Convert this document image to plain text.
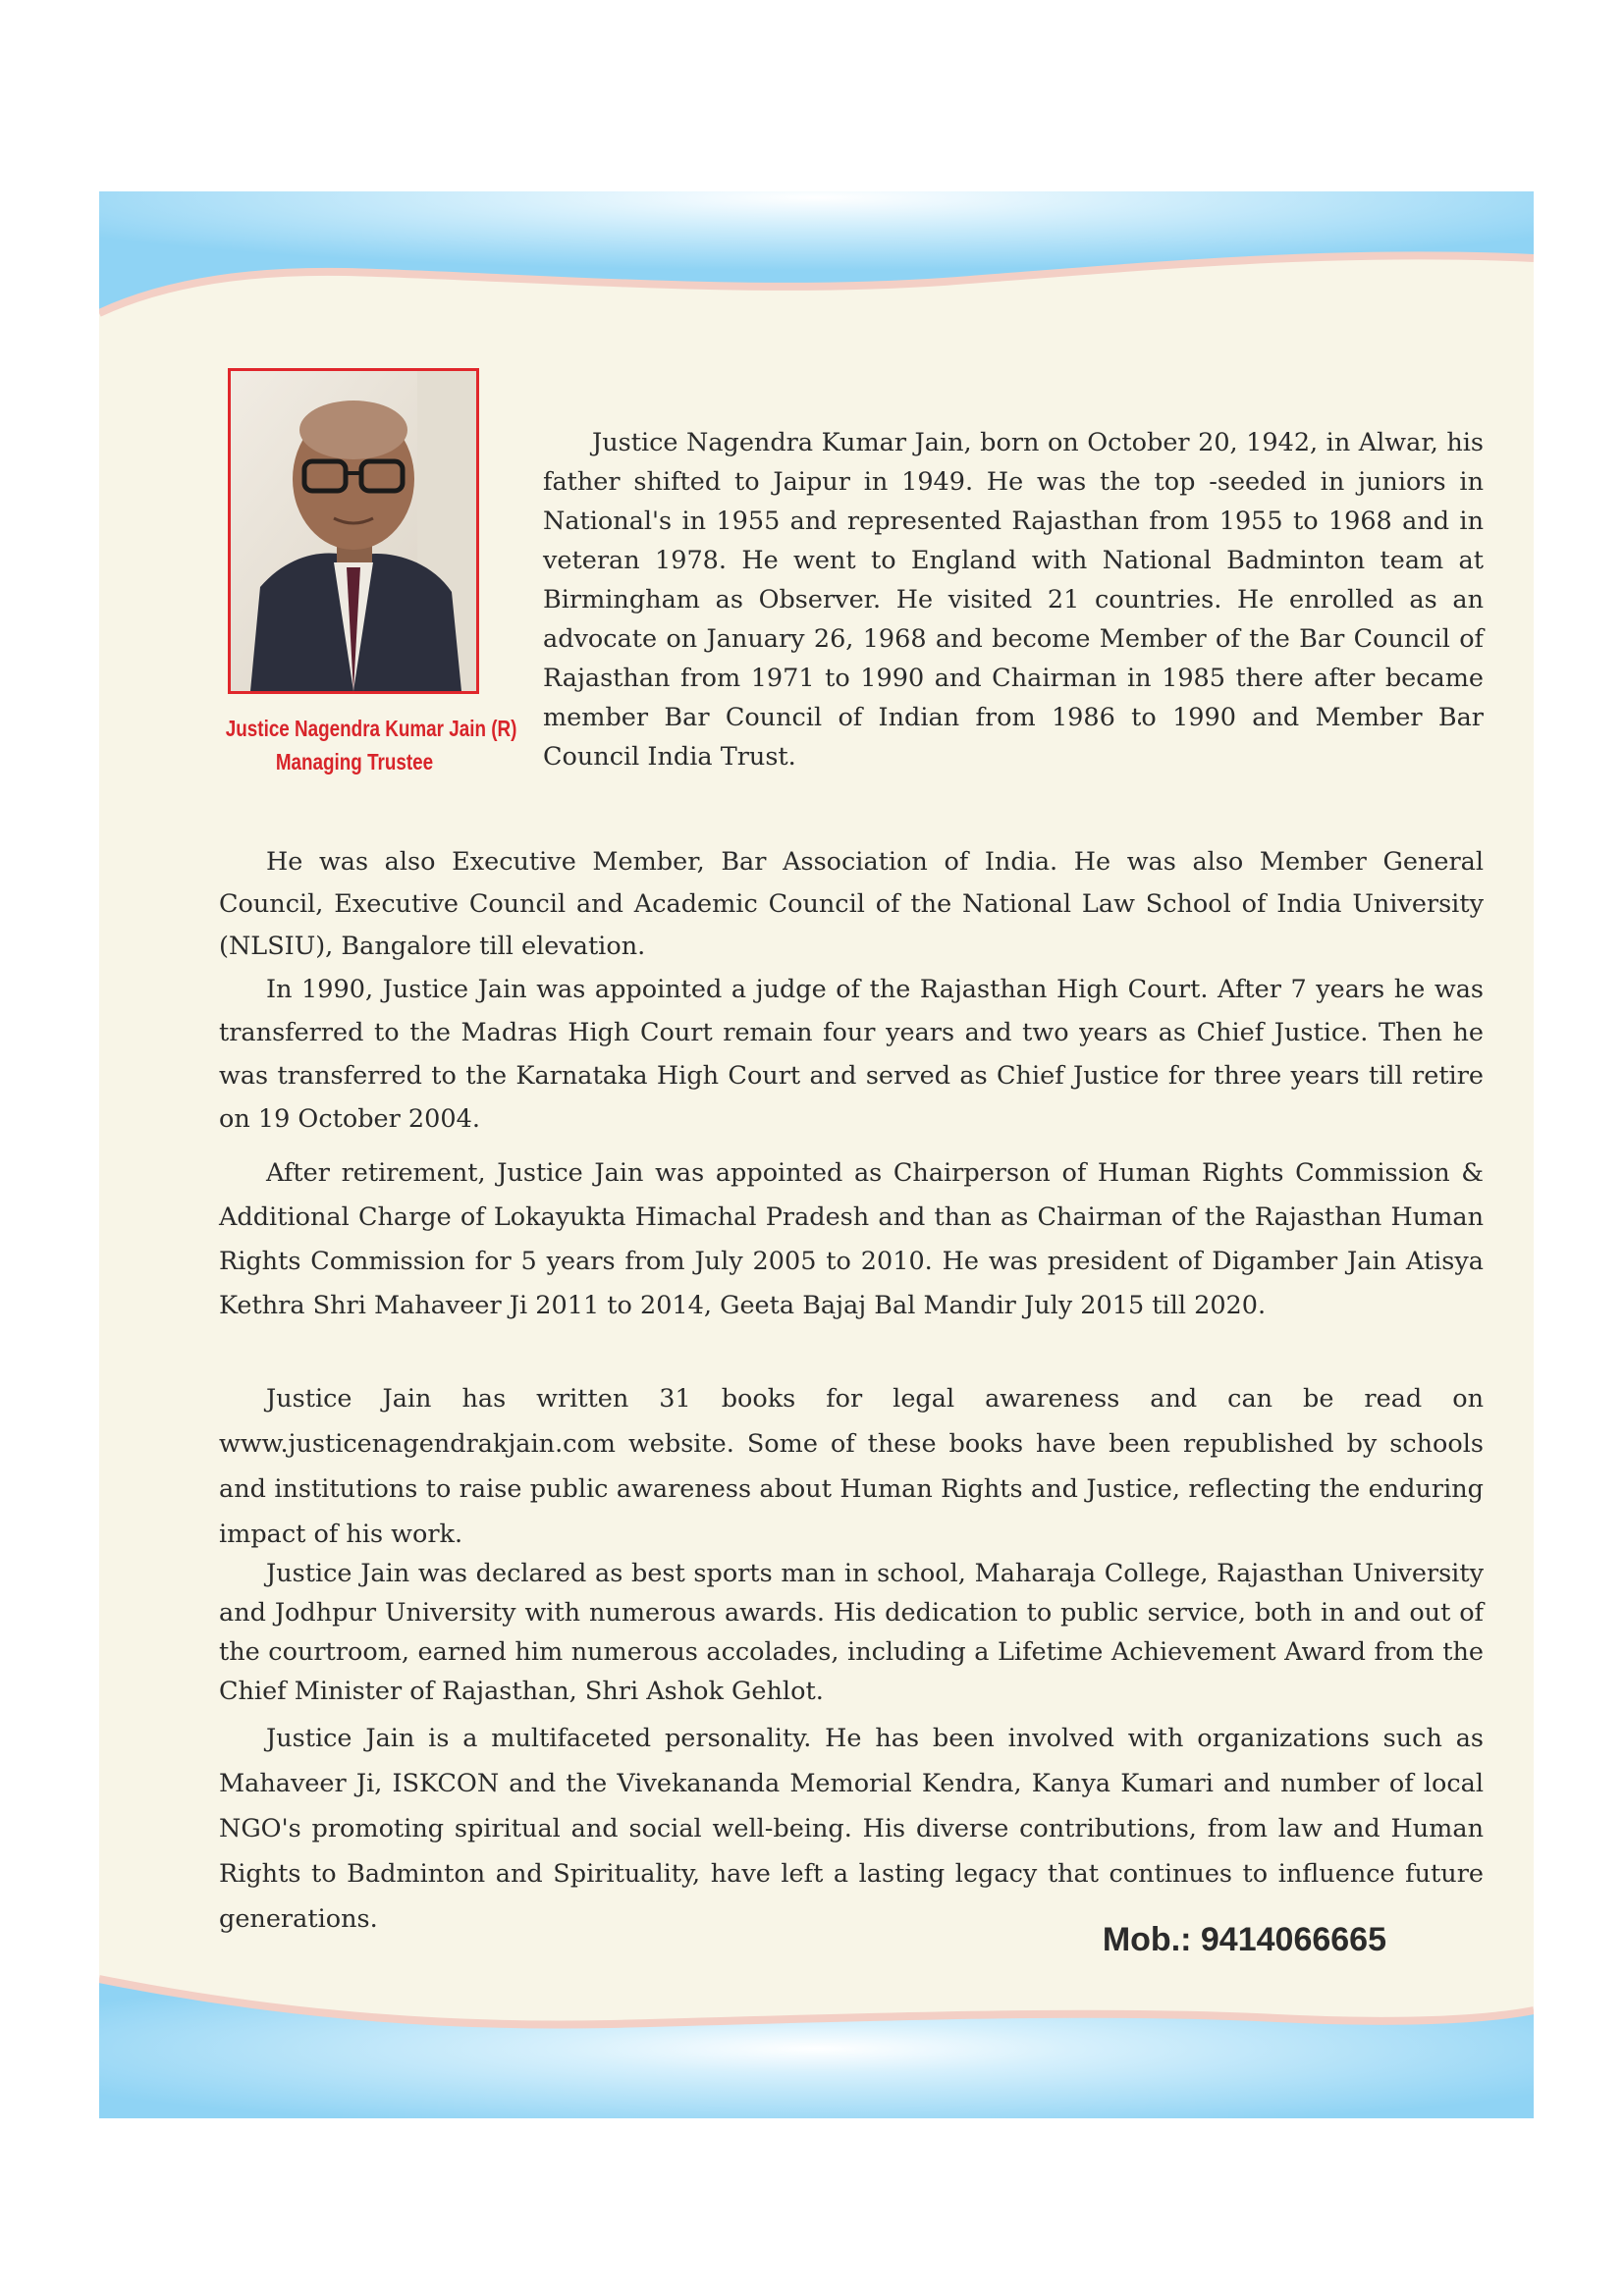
Justice Nagendra Kumar Jain (R)
Managing Trustee

Justice Nagendra Kumar Jain, born on October 20, 1942, in Alwar, his father shifted to Jaipur in 1949. He was the top -seeded in juniors in National's in 1955 and represented Rajasthan from 1955 to 1968 and in veteran 1978. He went to England with National Badminton team at Birmingham as Observer. He visited 21 countries. He enrolled as an advocate on January 26, 1968 and become Member of the Bar Council of Rajasthan from 1971 to 1990 and Chairman in 1985 there after became member Bar Council of Indian from 1986 to 1990 and Member Bar Council India Trust.

He was also Executive Member, Bar Association of India. He was also Member General Council, Executive Council and Academic Council of the National Law School of India University (NLSIU), Bangalore till elevation.

In 1990, Justice Jain was appointed a judge of the Rajasthan High Court. After 7 years he was transferred to the Madras High Court remain four years and two years as Chief Justice. Then he was transferred to the Karnataka High Court and served as Chief Justice for three years till retire on 19 October 2004.

After retirement, Justice Jain was appointed as Chairperson of Human Rights Commission & Additional Charge of Lokayukta Himachal Pradesh and than as Chairman of the Rajasthan Human Rights Commission for 5 years from July 2005 to 2010. He was president of Digamber Jain Atisya Kethra Shri Mahaveer Ji 2011 to 2014, Geeta Bajaj Bal Mandir July 2015 till 2020.

Justice Jain has written 31 books for legal awareness and can be read on www.justicenagendrakjain.com website. Some of these books have been republished by schools and institutions to raise public awareness about Human Rights and Justice, reflecting the enduring impact of his work.

Justice Jain was declared as best sports man in school, Maharaja College, Rajasthan University and Jodhpur University with numerous awards. His dedication to public service, both in and out of the courtroom, earned him numerous accolades, including a Lifetime Achievement Award from the Chief Minister of Rajasthan, Shri Ashok Gehlot.

Justice Jain is a multifaceted personality. He has been involved with organizations such as Mahaveer Ji, ISKCON and the Vivekananda Memorial Kendra, Kanya Kumari and number of local NGO's promoting spiritual and social well-being. His diverse contributions, from law and Human Rights to Badminton and Spirituality, have left a lasting legacy that continues to influence future generations.

Mob.: 9414066665
